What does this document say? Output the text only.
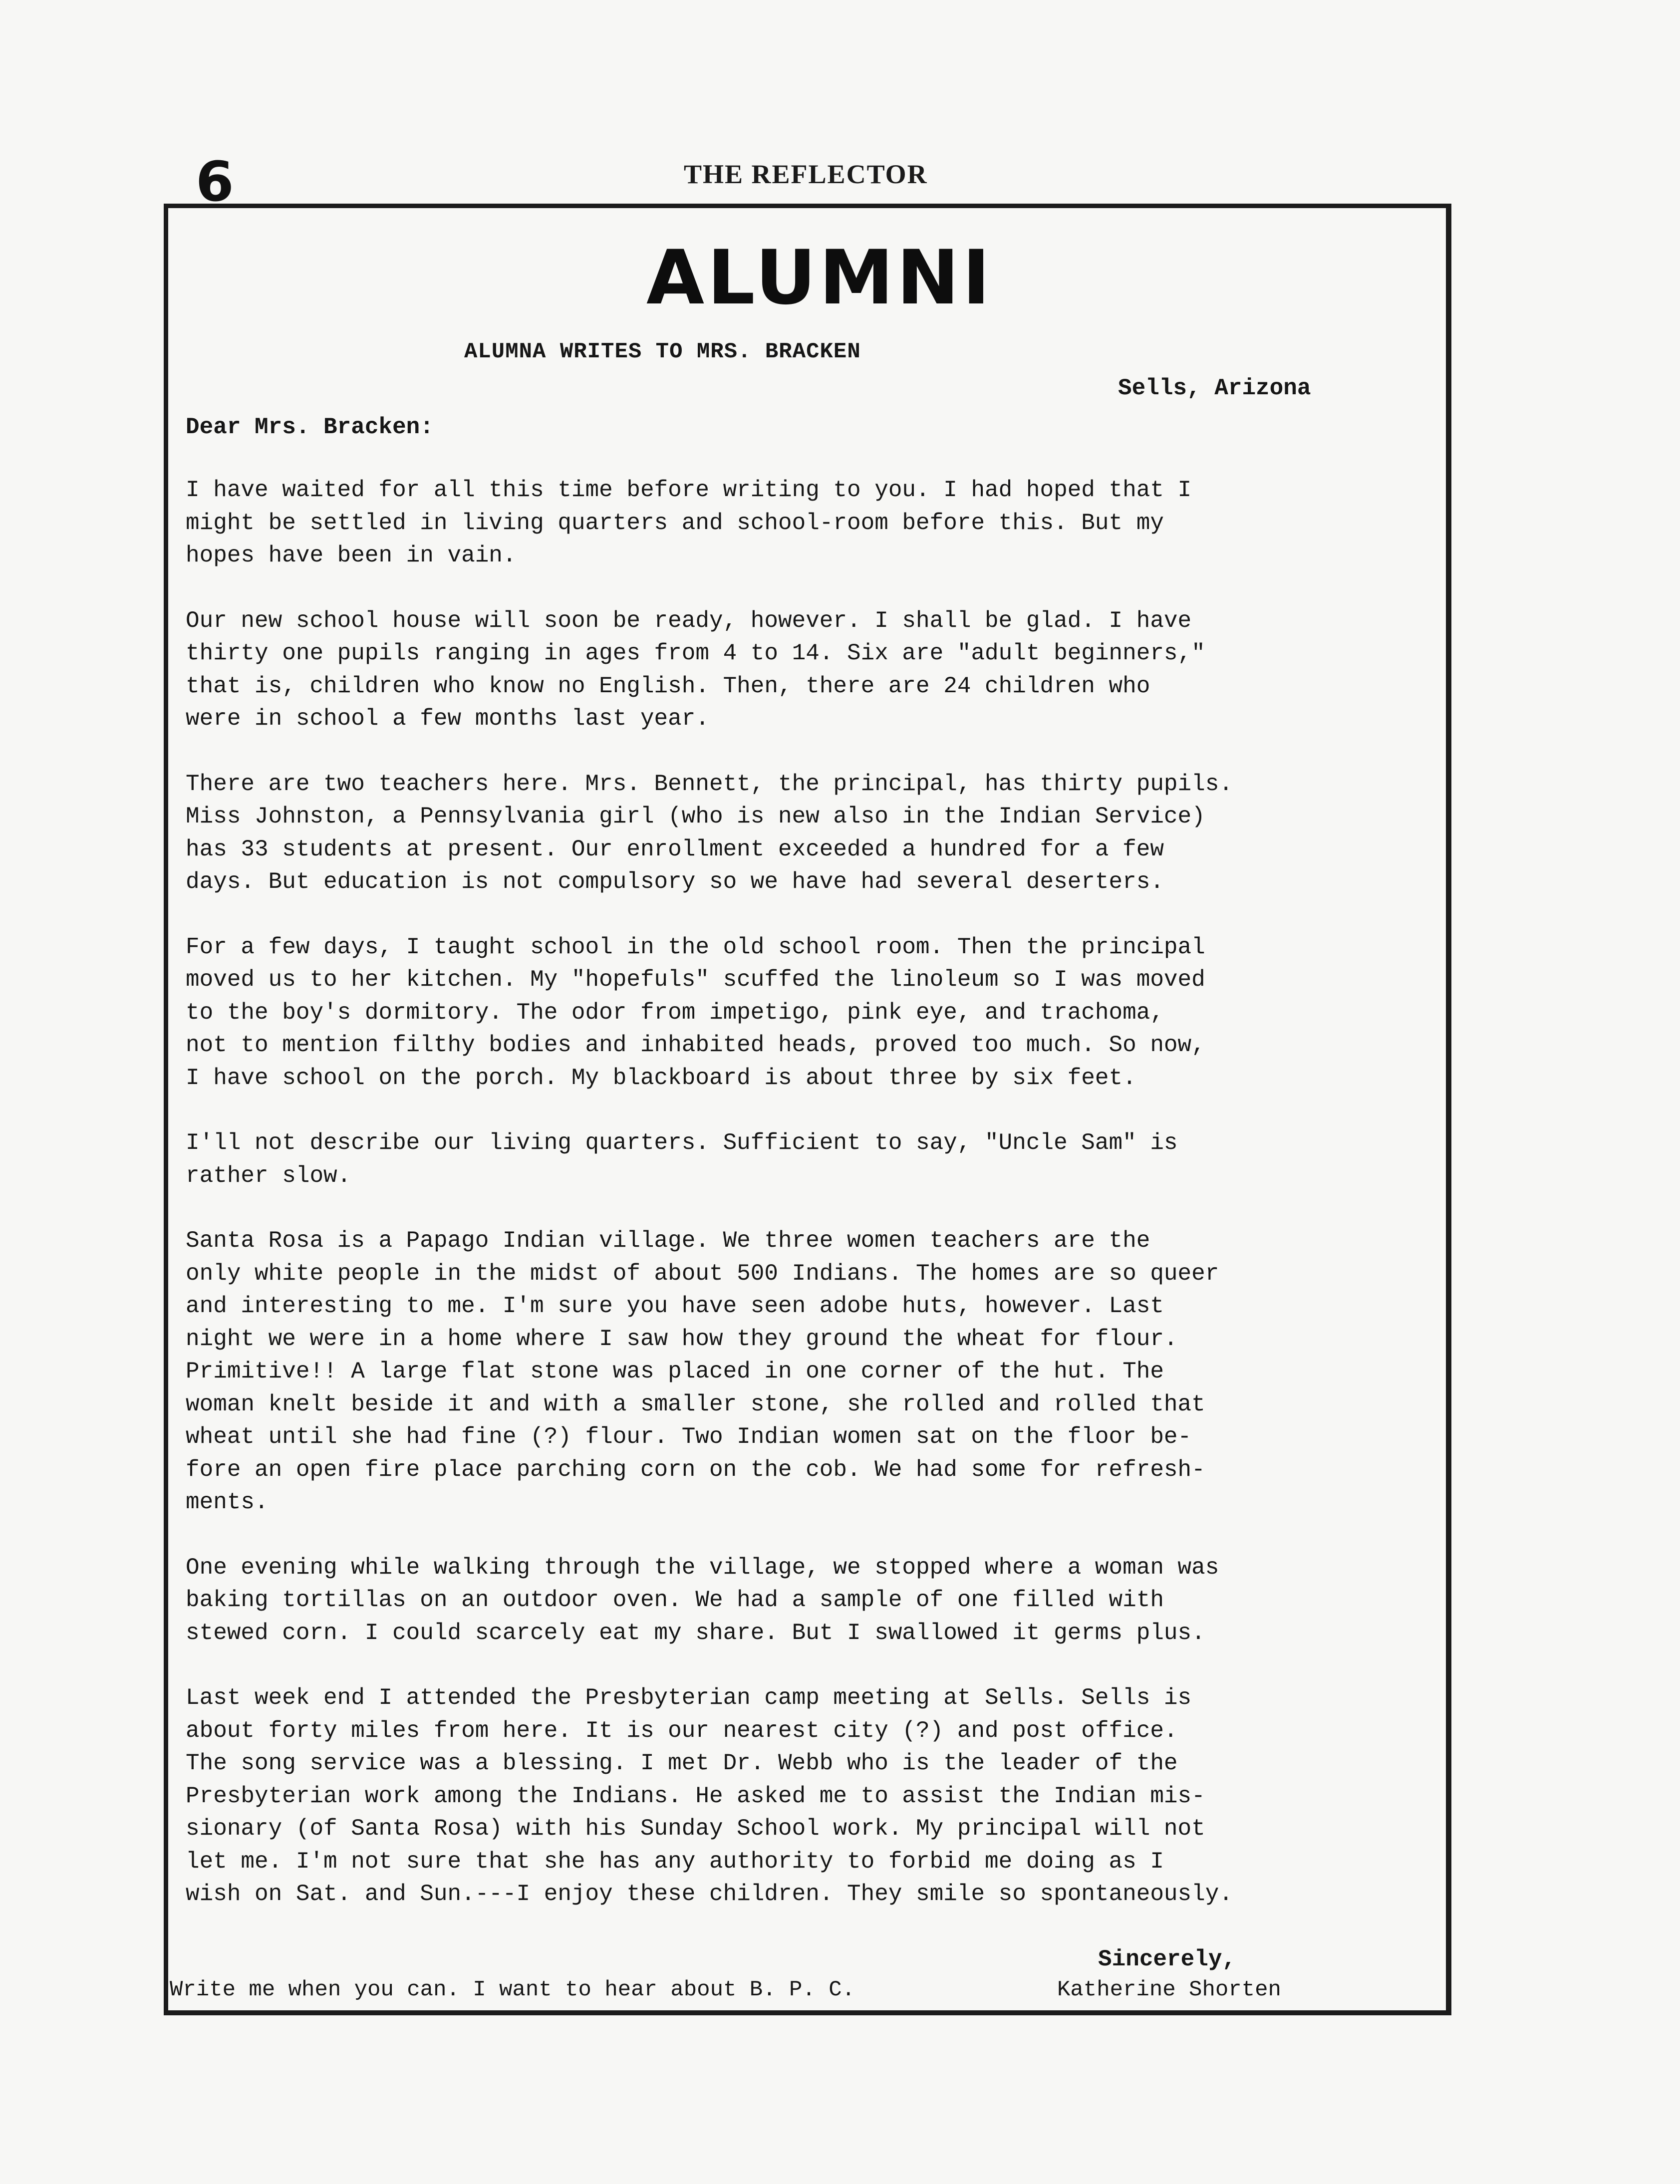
6	THE REFLECTOR
ALUMNI
ALUMNA WRITES TO MRS. BRACKEN
Sells, Arizona
Dear Mrs. Bracken:

I have waited for all this time before writing to you. I had hoped that I
might be settled in living quarters and school-room before this. But my
hopes have been in vain.

Our new school house will soon be ready, however. I shall be glad. I have
thirty one pupils ranging in ages from 4 to 14. Six are "adult beginners,"
that is, children who know no English. Then, there are 24 children who
were in school a few months last year.

There are two teachers here. Mrs. Bennett, the principal, has thirty pupils.
Miss Johnston, a Pennsylvania girl (who is new also in the Indian Service)
has 33 students at present. Our enrollment exceeded a hundred for a few
days. But education is not compulsory so we have had several deserters.

For a few days, I taught school in the old school room. Then the principal
moved us to her kitchen. My "hopefuls" scuffed the linoleum so I was moved
to the boy's dormitory. The odor from impetigo, pink eye, and trachoma,
not to mention filthy bodies and inhabited heads, proved too much. So now,
I have school on the porch. My blackboard is about three by six feet.

I'll not describe our living quarters. Sufficient to say, "Uncle Sam" is
rather slow.

Santa Rosa is a Papago Indian village. We three women teachers are the
only white people in the midst of about 500 Indians. The homes are so queer
and interesting to me. I'm sure you have seen adobe huts, however. Last
night we were in a home where I saw how they ground the wheat for flour.
Primitive!! A large flat stone was placed in one corner of the hut. The
woman knelt beside it and with a smaller stone, she rolled and rolled that
wheat until she had fine (?) flour. Two Indian women sat on the floor be-
fore an open fire place parching corn on the cob. We had some for refresh-
ments.

One evening while walking through the village, we stopped where a woman was
baking tortillas on an outdoor oven. We had a sample of one filled with
stewed corn. I could scarcely eat my share. But I swallowed it germs plus.

Last week end I attended the Presbyterian camp meeting at Sells. Sells is
about forty miles from here. It is our nearest city (?) and post office.
The song service was a blessing. I met Dr. Webb who is the leader of the
Presbyterian work among the Indians. He asked me to assist the Indian mis-
sionary (of Santa Rosa) with his Sunday School work. My principal will not
let me. I'm not sure that she has any authority to forbid me doing as I
wish on Sat. and Sun.---I enjoy these children. They smile so spontaneously.

Sincerely,
Write me when you can. I want to hear about B. P. C.	Katherine Shorten
